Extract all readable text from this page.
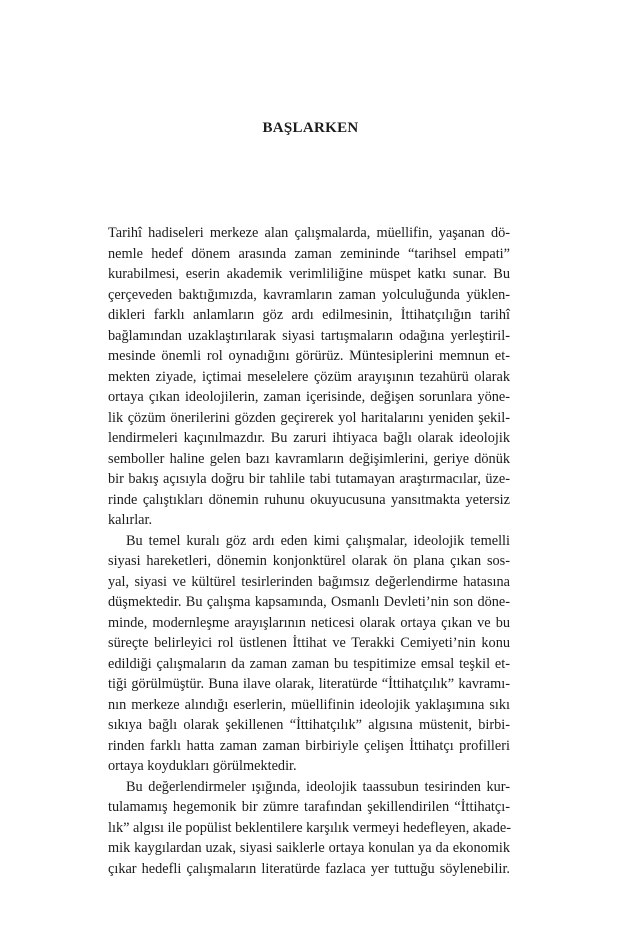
BAŞLARKEN
Tarihî hadiseleri merkeze alan çalışmalarda, müellifin, yaşanan dö-
nemle hedef dönem arasında zaman zemininde “tarihsel empati”
kurabilmesi, eserin akademik verimliliğine müspet katkı sunar. Bu
çerçeveden baktığımızda, kavramların zaman yolculuğunda yüklen-
dikleri farklı anlamların göz ardı edilmesinin, İttihatçılığın tarihî
bağlamından uzaklaştırılarak siyasi tartışmaların odağına yerleştiril-
mesinde önemli rol oynadığını görürüz. Müntesiplerini memnun et-
mekten ziyade, içtimai meselelere çözüm arayışının tezahürü olarak
ortaya çıkan ideolojilerin, zaman içerisinde, değişen sorunlara yöne-
lik çözüm önerilerini gözden geçirerek yol haritalarını yeniden şekil-
lendirmeleri kaçınılmazdır. Bu zaruri ihtiyaca bağlı olarak ideolojik
semboller haline gelen bazı kavramların değişimlerini, geriye dönük
bir bakış açısıyla doğru bir tahlile tabi tutamayan araştırmacılar, üze-
rinde çalıştıkları dönemin ruhunu okuyucusuna yansıtmakta yetersiz
kalırlar.
Bu temel kuralı göz ardı eden kimi çalışmalar, ideolojik temelli
siyasi hareketleri, dönemin konjonktürel olarak ön plana çıkan sos-
yal, siyasi ve kültürel tesirlerinden bağımsız değerlendirme hatasına
düşmektedir. Bu çalışma kapsamında, Osmanlı Devleti’nin son döne-
minde, modernleşme arayışlarının neticesi olarak ortaya çıkan ve bu
süreçte belirleyici rol üstlenen İttihat ve Terakki Cemiyeti’nin konu
edildiği çalışmaların da zaman zaman bu tespitimize emsal teşkil et-
tiği görülmüştür. Buna ilave olarak, literatürde “İttihatçılık” kavramı-
nın merkeze alındığı eserlerin, müellifinin ideolojik yaklaşımına sıkı
sıkıya bağlı olarak şekillenen “İttihatçılık” algısına müstenit, birbi-
rinden farklı hatta zaman zaman birbiriyle çelişen İttihatçı profilleri
ortaya koydukları görülmektedir.
Bu değerlendirmeler ışığında, ideolojik taassubun tesirinden kur-
tulamamış hegemonik bir zümre tarafından şekillendirilen “İttihatçı-
lık” algısı ile popülist beklentilere karşılık vermeyi hedefleyen, akade-
mik kaygılardan uzak, siyasi saiklerle ortaya konulan ya da ekonomik
çıkar hedefli çalışmaların literatürde fazlaca yer tuttuğu söylenebilir.
